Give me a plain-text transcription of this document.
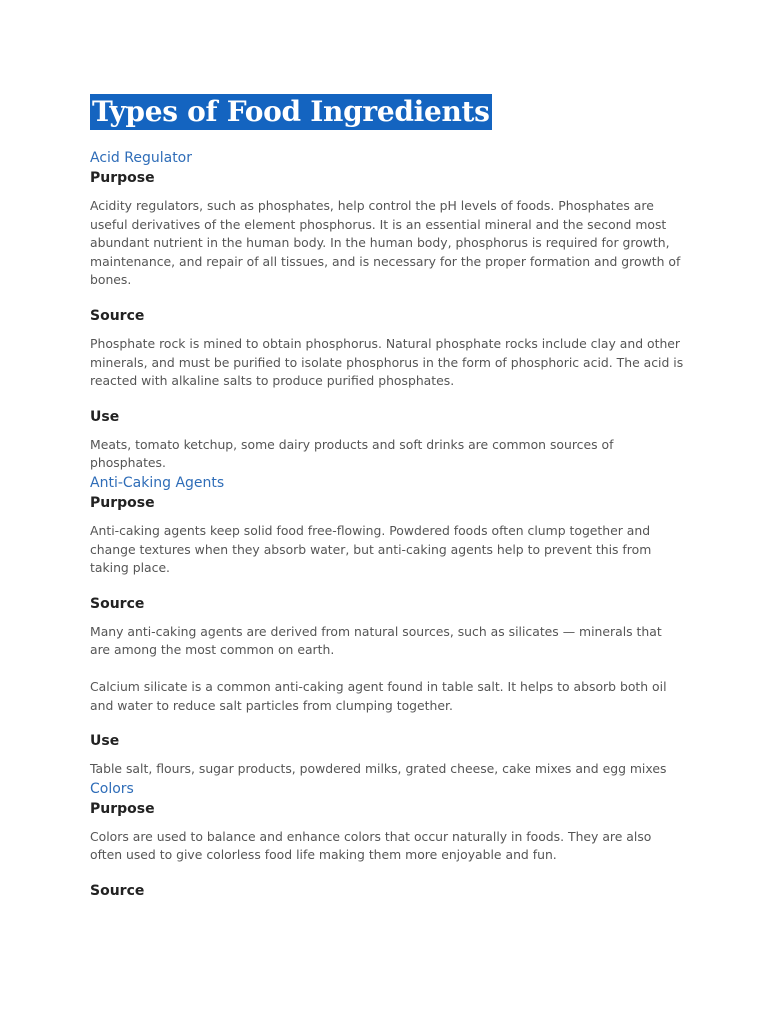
Types of Food Ingredients
Acid Regulator
Purpose
Acidity regulators, such as phosphates, help control the pH levels of foods. Phosphates are useful derivatives of the element phosphorus. It is an essential mineral and the second most abundant nutrient in the human body. In the human body, phosphorus is required for growth, maintenance, and repair of all tissues, and is necessary for the proper formation and growth of bones.
Source
Phosphate rock is mined to obtain phosphorus. Natural phosphate rocks include clay and other minerals, and must be purified to isolate phosphorus in the form of phosphoric acid. The acid is reacted with alkaline salts to produce purified phosphates.
Use
Meats, tomato ketchup, some dairy products and soft drinks are common sources of phosphates.
Anti-Caking Agents
Purpose
Anti-caking agents keep solid food free-flowing. Powdered foods often clump together and change textures when they absorb water, but anti-caking agents help to prevent this from taking place.
Source
Many anti-caking agents are derived from natural sources, such as silicates — minerals that are among the most common on earth.
Calcium silicate is a common anti-caking agent found in table salt. It helps to absorb both oil and water to reduce salt particles from clumping together.
Use
Table salt, flours, sugar products, powdered milks, grated cheese, cake mixes and egg mixes
Colors
Purpose
Colors are used to balance and enhance colors that occur naturally in foods. They are also often used to give colorless food life making them more enjoyable and fun.
Source
